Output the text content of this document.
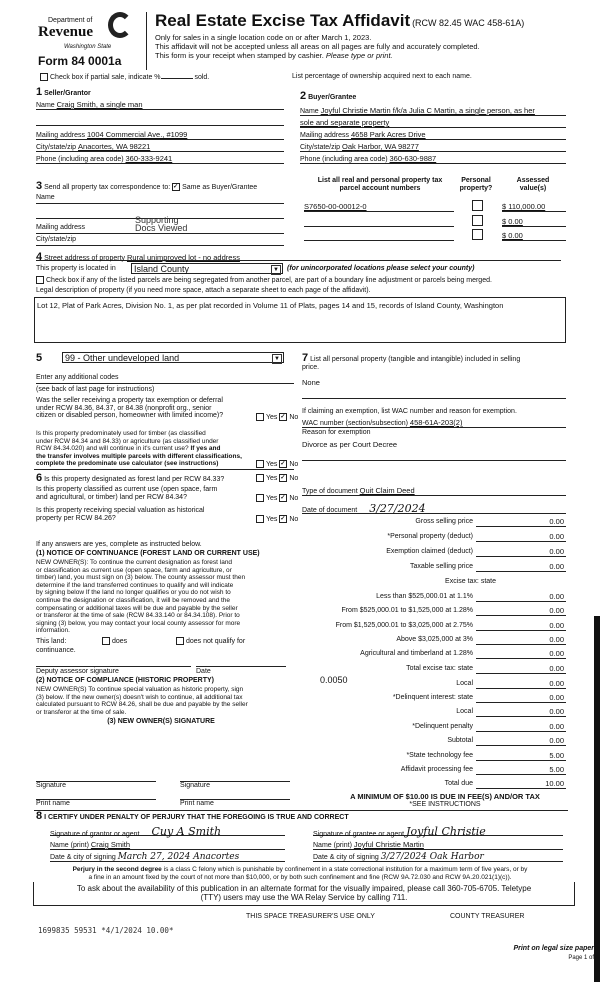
Department of
Revenue
Washington State
Form 84 0001a
Real Estate Excise Tax Affidavit (RCW 82.45 WAC 458-61A)
Only for sales in a single location code on or after March 1, 2023.
This affidavit will not be accepted unless all areas on all pages are fully and accurately completed.
This form is your receipt when stamped by cashier. Please type or print.
Check box if partial sale, indicate %	sold.	List percentage of ownership acquired next to each name.
1 Seller/Grantor
Name Craig Smith, a single man
Mailing address 1004 Commercial Ave., #1099
City/state/zip Anacortes, WA 98221
Phone (including area code) 360-333-9241
2 Buyer/Grantee
Name Joyful Christie Martin f/k/a Julia C Martin, a single person, as her
sole and separate property
Mailing address 4658 Park Acres Drive
City/state/zip Oak Harbor, WA 98277
Phone (including area code) 360-630-9887
3 Send all property tax correspondence to: ✓ Same as Buyer/Grantee
Name
Mailing address
Supporting
Docs Viewed
City/state/zip
List all real and personal property tax
parcel account numbers
Personal
property?
Assessed
value(s)
S7650-00-00012-0	$ 110,000.00
$ 0.00
$ 0.00
4 Street address of property Rural unimproved lot - no address
This property is located in	Island County	▼ (for unincorporated locations please select your county)
Check box if any of the listed parcels are being segregated from another parcel, are part of a boundary line adjustment or parcels being merged.
Legal description of property (if you need more space, attach a separate sheet to each page of the affidavit).
Lot 12, Plat of Park Acres, Division No. 1, as per plat recorded in Volume 11 of Plats, pages 14 and 15, records of Island County, Washington
5	99 - Other undeveloped land	▼
Enter any additional codes
(see back of last page for instructions)
Was the seller receiving a property tax exemption or deferral
under RCW 84.36, 84.37, or 84.38 (nonprofit org., senior
citizen or disabled person, homeowner with limited income)?	Yes ✓ No
Is this property predominately used for timber (as classified
under RCW 84.34 and 84.33) or agriculture (as classified under
RCW 84.34.020) and will continue in it's current use? If yes and
the transfer involves multiple parcels with different classifications,
complete the predominate use calculator (see instructions)	Yes ✓ No
6 Is this property designated as forest land per RCW 84.33?	Yes ✓ No
Is this property classified as current use (open space, farm
and agricultural, or timber) land per RCW 84.34?	Yes ✓ No
Is this property receiving special valuation as historical
property per RCW 84.26?	Yes ✓ No
If any answers are yes, complete as instructed below.
(1) NOTICE OF CONTINUANCE (FOREST LAND OR CURRENT USE)
NEW OWNER(S): To continue the current designation as forest land
or classification as current use (open space, farm and agriculture, or
timber) land, you must sign on (3) below. The county assessor must then
determine if the land transferred continues to qualify and will indicate
by signing below If the land no longer qualifies or you do not wish to
continue the designation or classification, it will be removed and the
compensating or additional taxes will be due and payable by the seller
or transferor at the time of sale (RCW 84.33.140 or 84.34.108). Prior to
signing (3) below, you may contact your local county assessor for more
information.
This land:	does	does not qualify for
continuance.
Deputy assessor signature	Date
(2) NOTICE OF COMPLIANCE (HISTORIC PROPERTY)
NEW OWNER(S) To continue special valuation as historic property, sign
(3) below. If the new owner(s) doesn't wish to continue, all additional tax
calculated pursuant to RCW 84.26, shall be due and payable by the seller
or transferor at the time of sale.
(3) NEW OWNER(S) SIGNATURE
Signature	Signature
Print name	Print name
7 List all personal property (tangible and intangible) included in selling
price.
None
If claiming an exemption, list WAC number and reason for exemption.
WAC number (section/subsection) 458-61A-203(2)
Reason for exemption
Divorce as per Court Decree
Type of document Quit Claim Deed
Date of document 3/27/2024
Gross selling price	0.00
*Personal property (deduct)	0.00
Exemption claimed (deduct)	0.00
Taxable selling price	0.00
Excise tax: state
Less than $525,000.01 at 1.1%	0.00
From $525,000.01 to $1,525,000 at 1.28%	0.00
From $1,525,000.01 to $3,025,000 at 2.75%	0.00
Above $3,025,000 at 3%	0.00
Agricultural and timberland at 1.28%	0.00
Total excise tax: state	0.00
Local	0.00
*Delinquent interest: state	0.00
Local	0.00
*Delinquent penalty	0.00
Subtotal	0.00
*State technology fee	5.00
Affidavit processing fee	5.00
Total due	10.00
0.0050
A MINIMUM OF $10.00 IS DUE IN FEE(S) AND/OR TAX
*SEE INSTRUCTIONS
8 I CERTIFY UNDER PENALTY OF PERJURY THAT THE FOREGOING IS TRUE AND CORRECT
Signature of grantor or agent Cuy A Smith
Name (print) Craig Smith
Date & city of signing March 27, 2024 Anacortes
Signature of grantee or agent Joyful Christie
Name (print) Joyful Christie Martin
Date & city of signing 3/27/2024 Oak Harbor
Perjury in the second degree is a class C felony which is punishable by confinement in a state correctional institution for a maximum term of five years, or by
a fine in an amount fixed by the court of not more than $10,000, or by both such confinement and fine (RCW 9A.72.030 and RCW 9A.20.021(1)(c)).
To ask about the availability of this publication in an alternate format for the visually impaired, please call 360-705-6705. Teletype
(TTY) users may use the WA Relay Service by calling 711.
THIS SPACE TREASURER'S USE ONLY	COUNTY TREASURER
1699835 59531 *4/1/2024 10.00*
Print on legal size paper
Page 1 of
